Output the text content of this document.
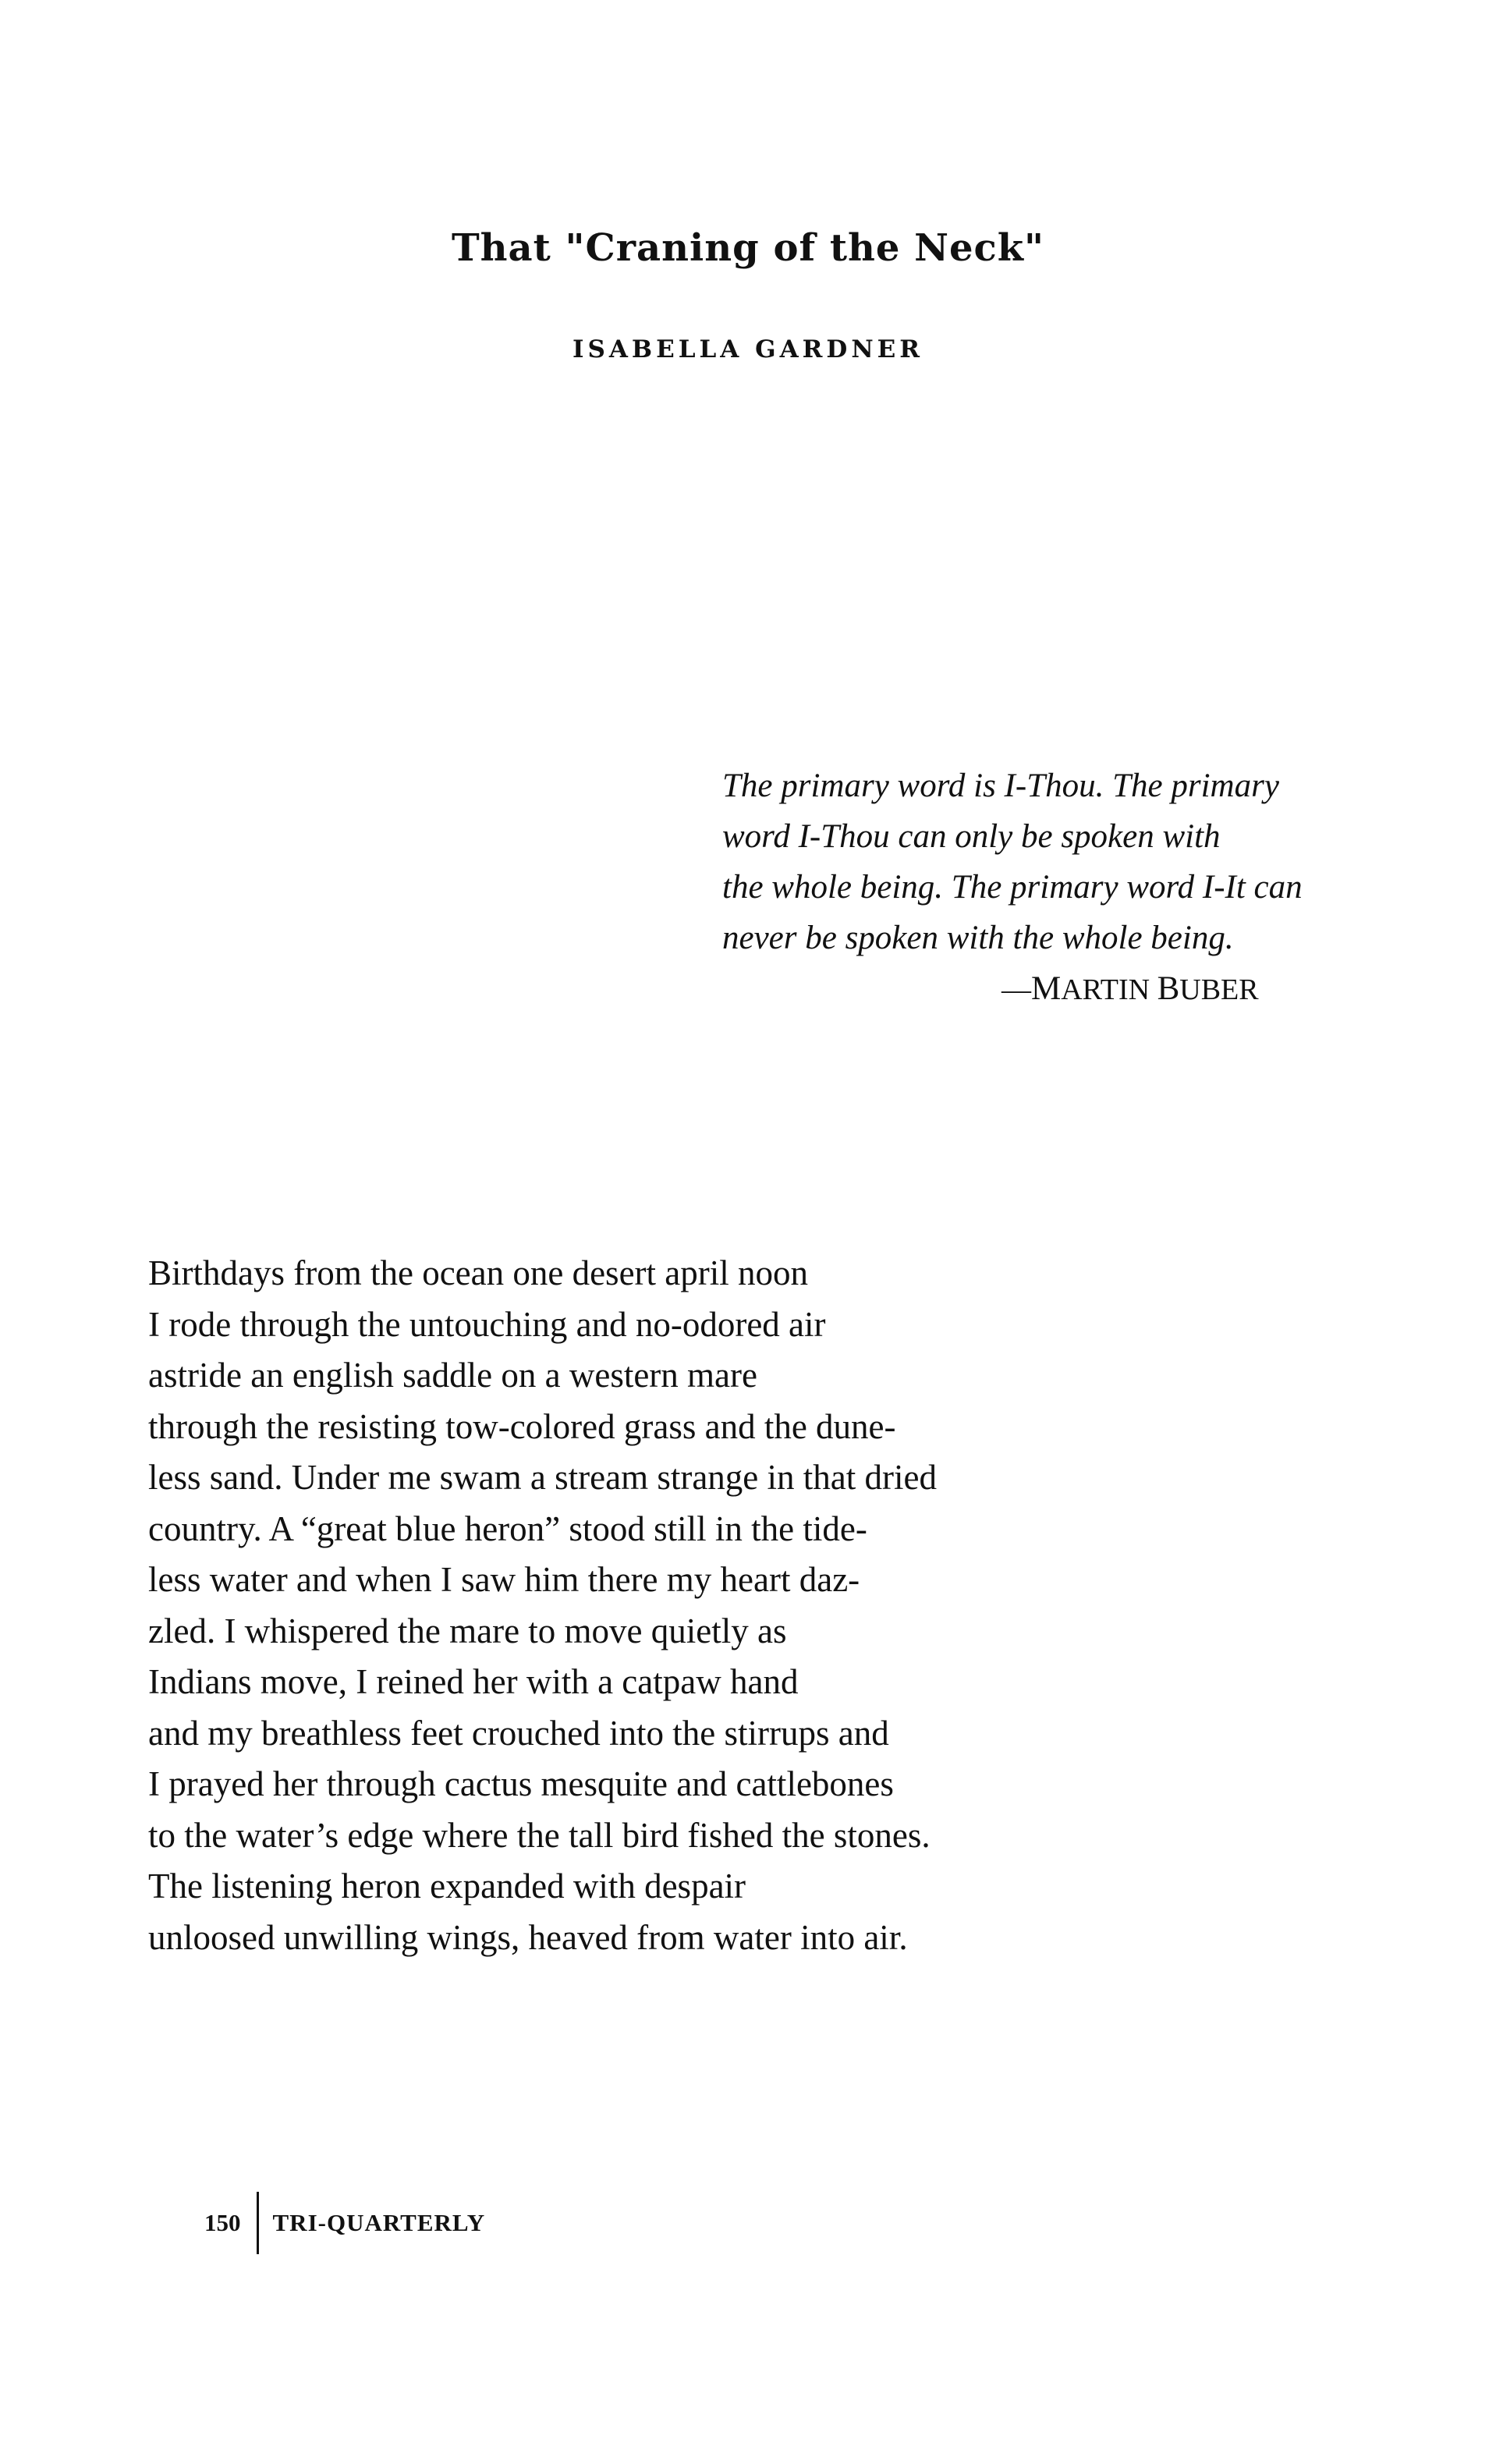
That "Craning of the Neck"
ISABELLA GARDNER
The primary word is I-Thou. The primary
word I-Thou can only be spoken with
the whole being. The primary word I-It can
never be spoken with the whole being.
—MARTIN BUBER
Birthdays from the ocean one desert april noon
I rode through the untouching and no-odored air
astride an english saddle on a western mare
through the resisting tow-colored grass and the dune-
less sand. Under me swam a stream strange in that dried
country. A “great blue heron” stood still in the tide-
less water and when I saw him there my heart daz-
zled. I whispered the mare to move quietly as
Indians move, I reined her with a catpaw hand
and my breathless feet crouched into the stirrups and
I prayed her through cactus mesquite and cattlebones
to the water’s edge where the tall bird fished the stones.
The listening heron expanded with despair
unloosed unwilling wings, heaved from water into air.
150 TRI-QUARTERLY
